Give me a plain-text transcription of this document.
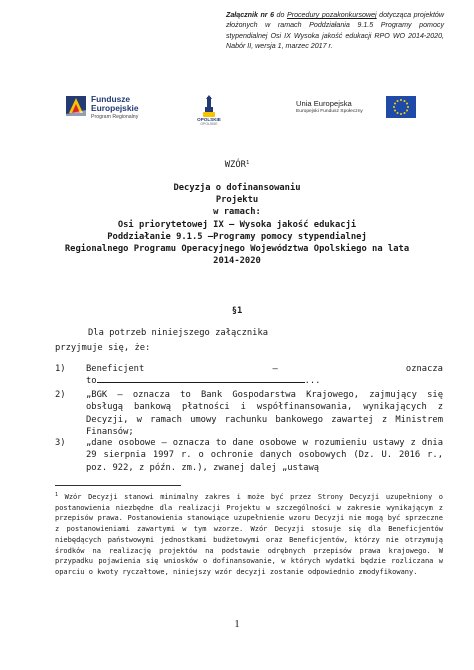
Załącznik nr 6 do Procedury pozakonkursowej dotycząca projektów złożonych w ramach Poddziałania 9.1.5 Programy pomocy stypendialnej Osi IX Wysoka jakość edukacji RPO WO 2014-2020, Nabór II, wersja 1, marzec 2017 r.
Fundusze
Europejskie
Program Regionalny	OPOLSKIE
OPOLSKIE
Unia Europejska
Europejski Fundusz Społeczny
WZÓR$^1$
Decyzja o dofinansowaniu
Projektu
w ramach:
Osi priorytetowej IX – Wysoka jakość edukacji
Poddziałanie 9.1.5 –Programy pomocy stypendialnej
Regionalnego Programu Operacyjnego Województwa Opolskiego na lata
2014-2020
§1
Dla potrzeb niniejszego załącznika
przyjmuje się, że:
1) Beneficjent	–	oznacza
to	...
2) „BGK – oznacza to Bank Gospodarstwa Krajowego, zajmujący się obsługą bankową płatności i współfinansowania, wynikających z Decyzji, w ramach umowy rachunku bankowego zawartej z Ministrem Finansów;
3) „dane osobowe – oznacza to dane osobowe w rozumieniu ustawy z dnia 29 sierpnia 1997 r. o ochronie danych osobowych (Dz. U. 2016 r., poz. 922, z późn. zm.), zwanej dalej „ustawą
$^1$ Wzór Decyzji stanowi minimalny zakres i może być przez Strony Decyzji uzupełniony o postanowienia niezbędne dla realizacji Projektu w szczególności w zakresie wynikającym z przepisów prawa. Postanowienia stanowiące uzupełnienie wzoru Decyzji nie mogą być sprzeczne z postanowieniami zawartymi w tym wzorze. Wzór Decyzji stosuje się dla Beneficjentów niebędących państwowymi jednostkami budżetowymi oraz Beneficjentów, którzy nie otrzymują środków na realizację projektów na podstawie odrębnych przepisów prawa krajowego. W przypadku pojawienia się wniosków o dofinansowanie, w których wydatki będzie rozliczana w oparciu o kwoty ryczałtowe, niniejszy wzór decyzji zostanie odpowiednio zmodyfikowany.
1
